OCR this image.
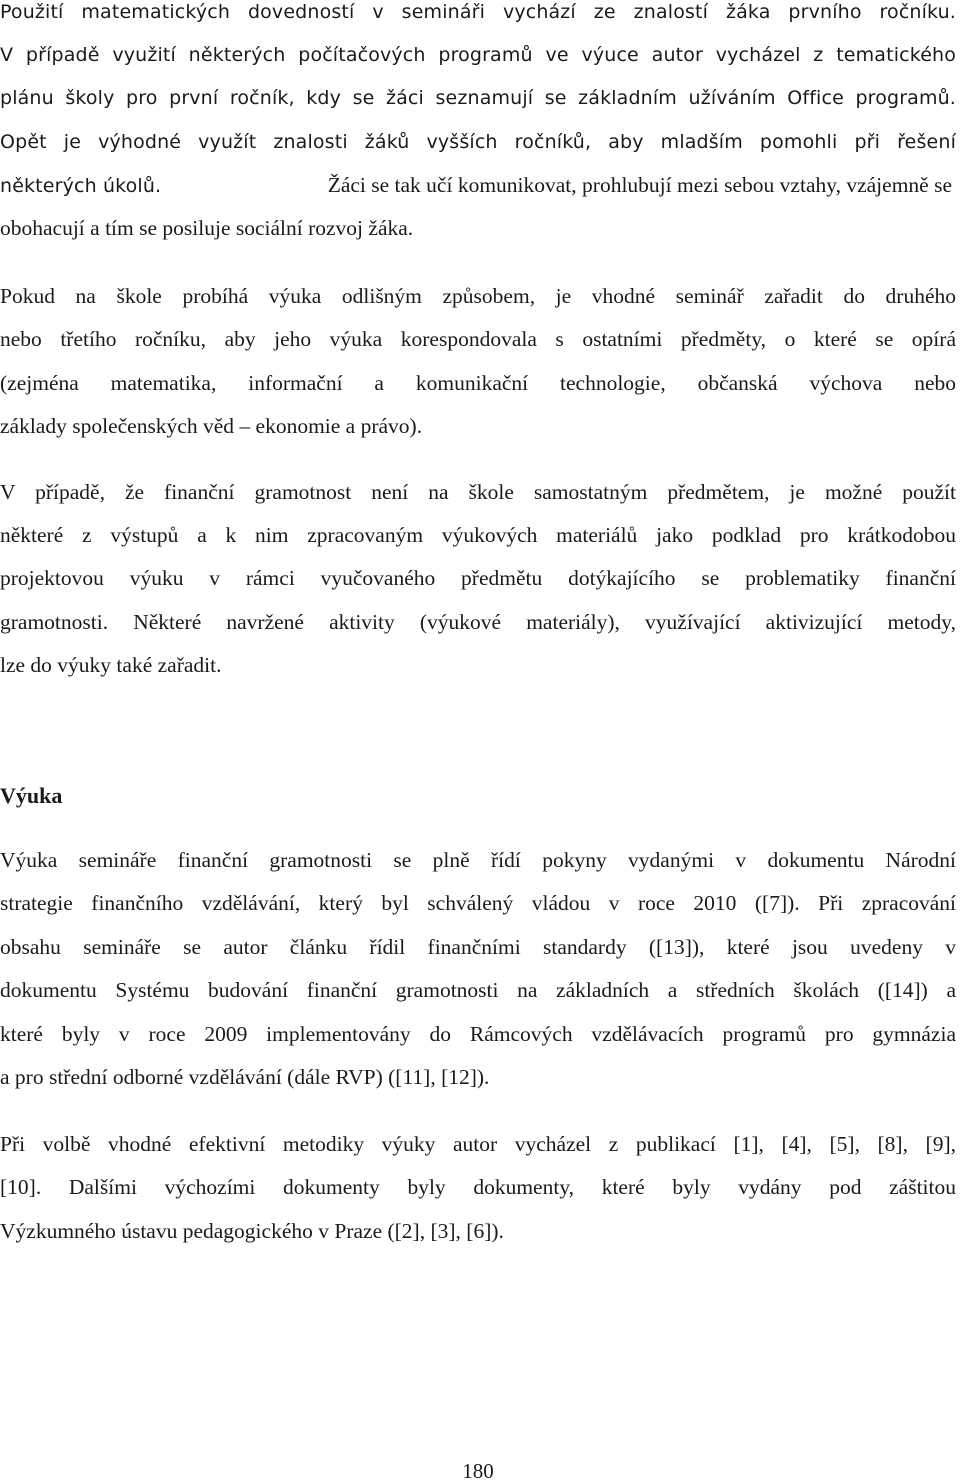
Použití matematických dovedností v semináři vychází ze znalostí žáka prvního ročníku.
V případě využití některých počítačových programů ve výuce autor vycházel z tematického
plánu školy pro první ročník, kdy se žáci seznamují se základním užíváním Office programů.
Opět je výhodné využít znalosti žáků vyšších ročníků, aby mladším pomohli při řešení
některých úkolů.	Žáci se tak učí komunikovat, prohlubují mezi sebou vztahy, vzájemně se
obohacují a tím se posiluje sociální rozvoj žáka.
Pokud na škole probíhá výuka odlišným způsobem, je vhodné seminář zařadit do druhého
nebo třetího ročníku, aby jeho výuka korespondovala s ostatními předměty, o které se opírá
(zejména matematika, informační a komunikační technologie, občanská výchova nebo
základy společenských věd – ekonomie a právo).
V případě, že finanční gramotnost není na škole samostatným předmětem, je možné použít
některé z výstupů a k nim zpracovaným výukových materiálů jako podklad pro krátkodobou
projektovou výuku v rámci vyučovaného předmětu dotýkajícího se problematiky finanční
gramotnosti. Některé navržené aktivity (výukové materiály), využívající aktivizující metody,
lze do výuky také zařadit.
Výuka
Výuka semináře finanční gramotnosti se plně řídí pokyny vydanými v dokumentu Národní
strategie finančního vzdělávání, který byl schválený vládou v roce 2010 ([7]). Při zpracování
obsahu semináře se autor článku řídil finančními standardy ([13]), které jsou uvedeny v
dokumentu Systému budování finanční gramotnosti na základních a středních školách ([14]) a
které byly v roce 2009 implementovány do Rámcových vzdělávacích programů pro gymnázia
a pro střední odborné vzdělávání (dále RVP) ([11], [12]).
Při volbě vhodné efektivní metodiky výuky autor vycházel z publikací [1], [4], [5], [8], [9],
[10]. Dalšími výchozími dokumenty byly dokumenty, které byly vydány pod záštitou
Výzkumného ústavu pedagogického v Praze ([2], [3], [6]).
180
